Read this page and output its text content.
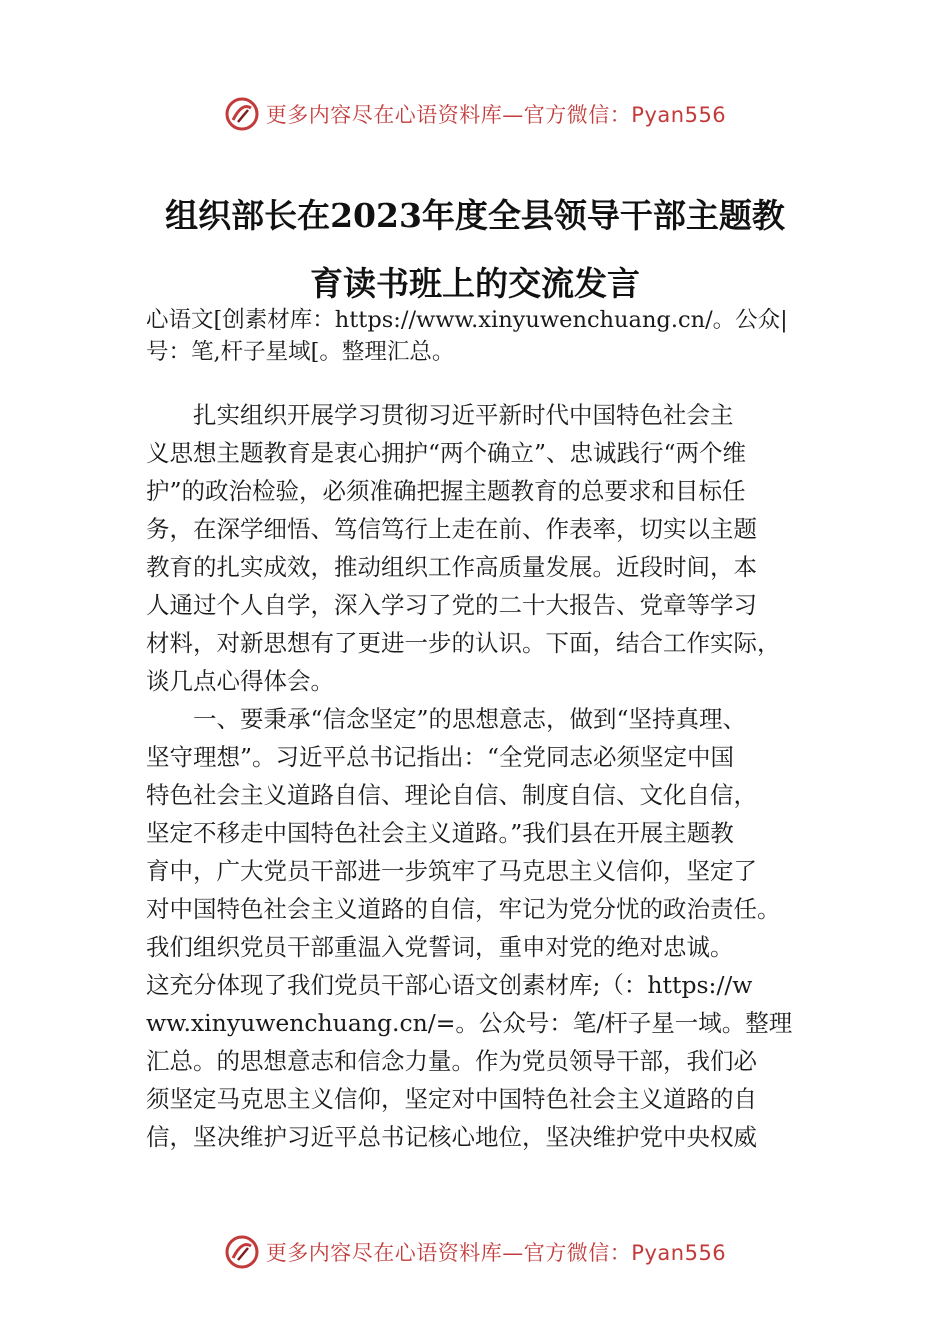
更多内容尽在心语资料库—官方微信：Pyan556
组织部长在2023年度全县领导干部主题教
育读书班上的交流发言
心语文[创素材库：https://www.xinyuwenchuang.cn/。公众|
号：笔,杆子星域[。整理汇总。
　　扎实组织开展学习贯彻习近平新时代中国特色社会主
义思想主题教育是衷心拥护“两个确立”、忠诚践行“两个维
护”的政治检验，必须准确把握主题教育的总要求和目标任
务，在深学细悟、笃信笃行上走在前、作表率，切实以主题
教育的扎实成效，推动组织工作高质量发展。近段时间，本
人通过个人自学，深入学习了党的二十大报告、党章等学习
材料，对新思想有了更进一步的认识。下面，结合工作实际，
谈几点心得体会。
　　一、要秉承“信念坚定”的思想意志，做到“坚持真理、
坚守理想”。习近平总书记指出：“全党同志必须坚定中国
特色社会主义道路自信、理论自信、制度自信、文化自信，
坚定不移走中国特色社会主义道路。”我们县在开展主题教
育中，广大党员干部进一步筑牢了马克思主义信仰，坚定了
对中国特色社会主义道路的自信，牢记为党分忧的政治责任。
我们组织党员干部重温入党誓词，重申对党的绝对忠诚。
这充分体现了我们党员干部心语文创素材库;（：https://w
ww.xinyuwenchuang.cn/=。公众号：笔/杆子星一域。整理
汇总。的思想意志和信念力量。作为党员领导干部，我们必
须坚定马克思主义信仰，坚定对中国特色社会主义道路的自
信，坚决维护习近平总书记核心地位，坚决维护党中央权威
更多内容尽在心语资料库—官方微信：Pyan556
